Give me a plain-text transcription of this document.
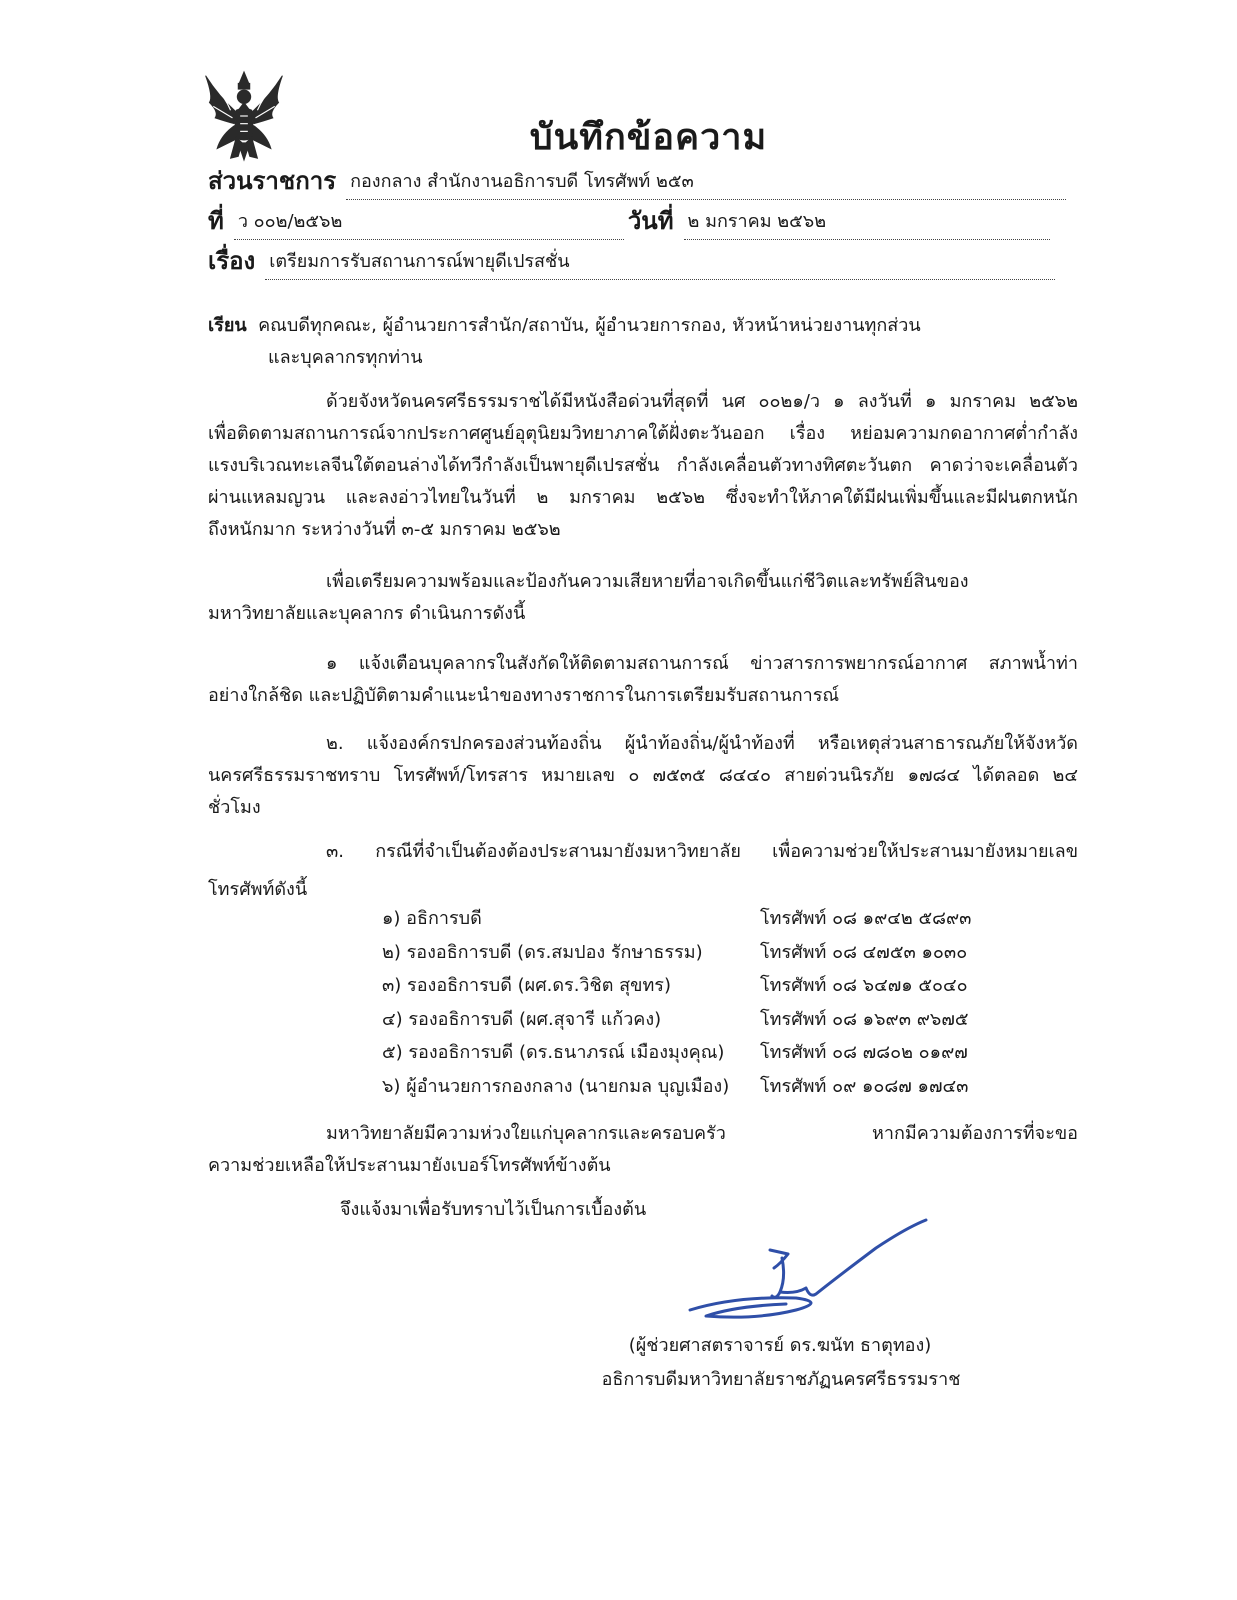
บันทึกข้อความ
ส่วนราชการ กองกลาง สำนักงานอธิการบดี โทรศัพท์ ๒๕๓
ที่ ว ๐๐๒/๒๕๖๒	วันที่ ๒ มกราคม ๒๕๖๒
เรื่อง เตรียมการรับสถานการณ์พายุดีเปรสชั่น
เรียน คณบดีทุกคณะ, ผู้อำนวยการสำนัก/สถาบัน, ผู้อำนวยการกอง, หัวหน้าหน่วยงานทุกส่วน
และบุคลากรทุกท่าน
ด้วยจังหวัดนครศรีธรรมราชได้มีหนังสือด่วนที่สุดที่ นศ ๐๐๒๑/ว ๑ ลงวันที่ ๑ มกราคม ๒๕๖๒
เพื่อติดตามสถานการณ์จากประกาศศูนย์อุตุนิยมวิทยาภาคใต้ฝั่งตะวันออก เรื่อง หย่อมความกดอากาศต่ำกำลัง
แรงบริเวณทะเลจีนใต้ตอนล่างได้ทวีกำลังเป็นพายุดีเปรสชั่น กำลังเคลื่อนตัวทางทิศตะวันตก คาดว่าจะเคลื่อนตัว
ผ่านแหลมญวน และลงอ่าวไทยในวันที่ ๒ มกราคม ๒๕๖๒ ซึ่งจะทำให้ภาคใต้มีฝนเพิ่มขึ้นและมีฝนตกหนัก
ถึงหนักมาก ระหว่างวันที่ ๓-๕ มกราคม ๒๕๖๒
เพื่อเตรียมความพร้อมและป้องกันความเสียหายที่อาจเกิดขึ้นแก่ชีวิตและทรัพย์สินของ
มหาวิทยาลัยและบุคลากร ดำเนินการดังนี้
๑ แจ้งเตือนบุคลากรในสังกัดให้ติดตามสถานการณ์ ข่าวสารการพยากรณ์อากาศ สภาพน้ำท่า
อย่างใกล้ชิด และปฏิบัติตามคำแนะนำของทางราชการในการเตรียมรับสถานการณ์
๒. แจ้งองค์กรปกครองส่วนท้องถิ่น ผู้นำท้องถิ่น/ผู้นำท้องที่ หรือเหตุส่วนสาธารณภัยให้จังหวัด
นครศรีธรรมราชทราบ โทรศัพท์/โทรสาร หมายเลข ๐ ๗๕๓๕ ๘๔๔๐ สายด่วนนิรภัย ๑๗๘๔ ได้ตลอด ๒๔
ชั่วโมง
๓. กรณีที่จำเป็นต้องต้องประสานมายังมหาวิทยาลัย เพื่อความช่วยให้ประสานมายังหมายเลข
โทรศัพท์ดังนี้
๑) อธิการบดี	โทรศัพท์ ๐๘ ๑๙๔๒ ๕๘๙๓
๒) รองอธิการบดี (ดร.สมปอง รักษาธรรม)	โทรศัพท์ ๐๘ ๔๗๕๓ ๑๐๓๐
๓) รองอธิการบดี (ผศ.ดร.วิชิต สุขทร)	โทรศัพท์ ๐๘ ๖๔๗๑ ๕๐๔๐
๔) รองอธิการบดี (ผศ.สุจารี แก้วคง)	โทรศัพท์ ๐๘ ๑๖๙๓ ๙๖๗๕
๕) รองอธิการบดี (ดร.ธนาภรณ์ เมืองมุงคุณ)	โทรศัพท์ ๐๘ ๗๘๐๒ ๐๑๙๗
๖) ผู้อำนวยการกองกลาง (นายกมล บุญเมือง)	โทรศัพท์ ๐๙ ๑๐๘๗ ๑๗๔๓
มหาวิทยาลัยมีความห่วงใยแก่บุคลากรและครอบครัว หากมีความต้องการที่จะขอ
ความช่วยเหลือให้ประสานมายังเบอร์โทรศัพท์ข้างต้น
จึงแจ้งมาเพื่อรับทราบไว้เป็นการเบื้องต้น
(ผู้ช่วยศาสตราจารย์ ดร.ฆนัท ธาตุทอง)
อธิการบดีมหาวิทยาลัยราชภัฏนครศรีธรรมราช
